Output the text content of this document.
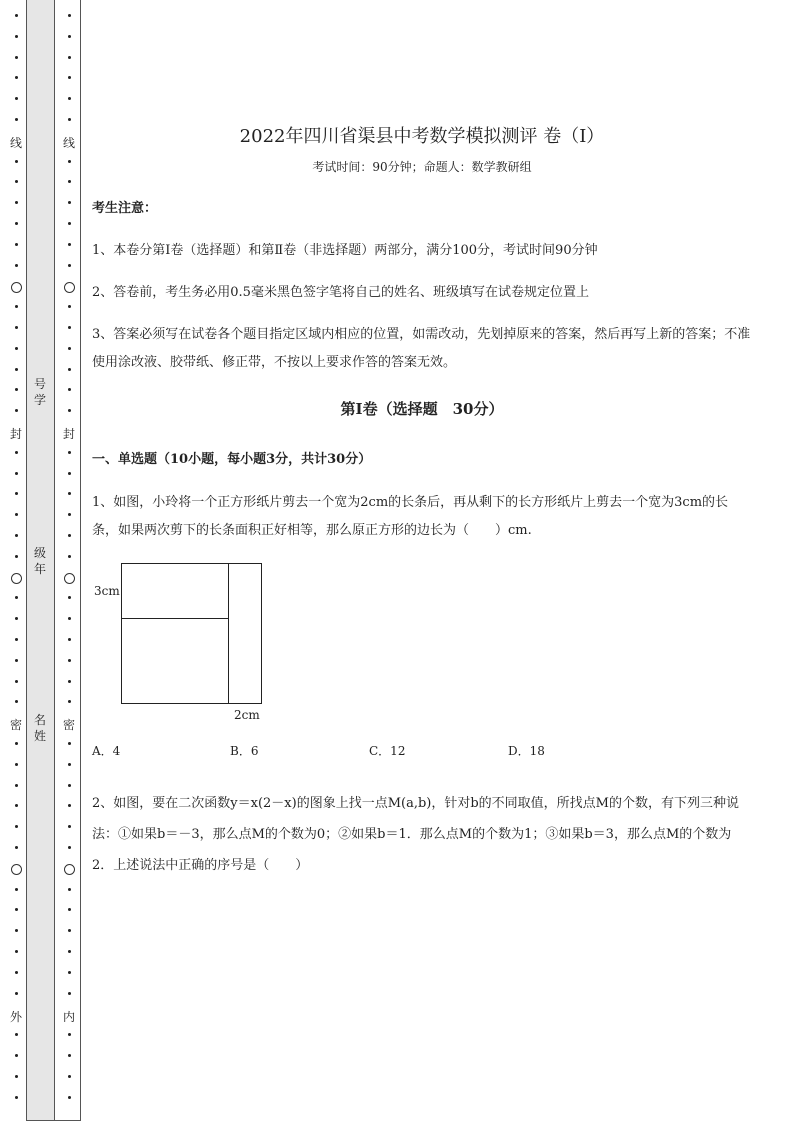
线
封
密
外
线
封
密
内
号学
级年
名姓
2022年四川省渠县中考数学模拟测评 卷（Ⅰ）
考试时间：90分钟；命题人：数学教研组
考生注意：
1、本卷分第I卷（选择题）和第Ⅱ卷（非选择题）两部分，满分100分，考试时间90分钟
2、答卷前，考生务必用0.5毫米黑色签字笔将自己的姓名、班级填写在试卷规定位置上
3、答案必须写在试卷各个题目指定区域内相应的位置，如需改动，先划掉原来的答案，然后再写上新的答案；不准使用涂改液、胶带纸、修正带，不按以上要求作答的答案无效。
第I卷（选择题　30分）
一、单选题（10小题，每小题3分，共计30分）
1、如图，小玲将一个正方形纸片剪去一个宽为2cm的长条后，再从剩下的长方形纸片上剪去一个宽为3cm的长条，如果两次剪下的长条面积正好相等，那么原正方形的边长为（　　）cm.
3cm
2cm
A．4	B．6	C．12	D．18
2、如图，要在二次函数y＝x(2－x)的图象上找一点M(a,b)，针对b的不同取值，所找点M的个数，有下列三种说法：①如果b＝－3，那么点M的个数为0；②如果b＝1．那么点M的个数为1；③如果b＝3，那么点M的个数为2．上述说法中正确的序号是（　　）
